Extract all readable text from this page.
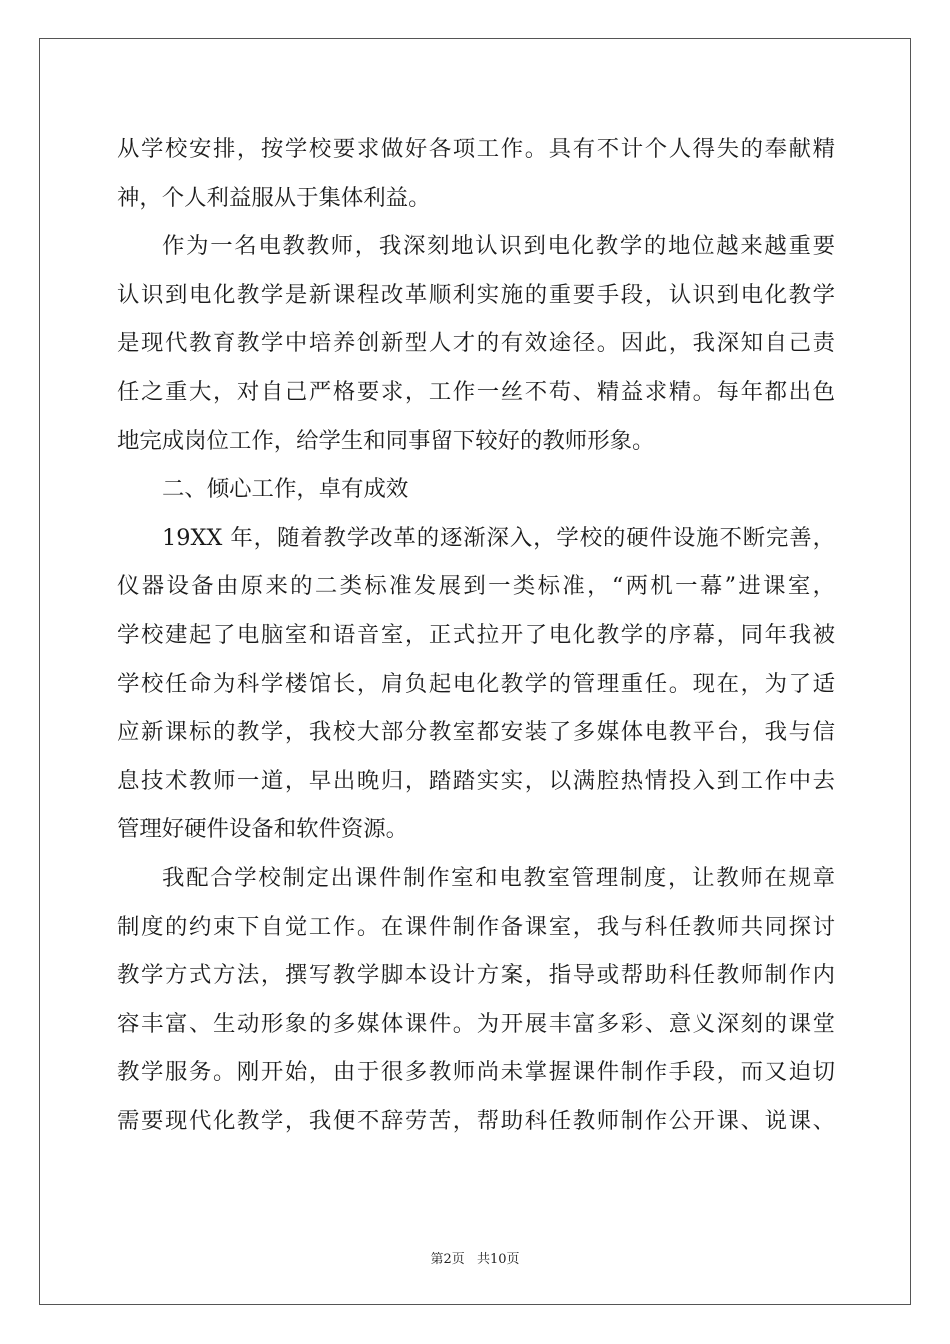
从学校安排，按学校要求做好各项工作。具有不计个人得失的奉献精
神，个人利益服从于集体利益。
作为一名电教教师，我深刻地认识到电化教学的地位越来越重要
认识到电化教学是新课程改革顺利实施的重要手段，认识到电化教学
是现代教育教学中培养创新型人才的有效途径。因此，我深知自己责
任之重大，对自己严格要求，工作一丝不苟、精益求精。每年都出色
地完成岗位工作，给学生和同事留下较好的教师形象。
二、倾心工作，卓有成效
19XX 年，随着教学改革的逐渐深入，学校的硬件设施不断完善，
仪器设备由原来的二类标准发展到一类标准，“两机一幕”进课室，
学校建起了电脑室和语音室，正式拉开了电化教学的序幕，同年我被
学校任命为科学楼馆长，肩负起电化教学的管理重任。现在，为了适
应新课标的教学，我校大部分教室都安装了多媒体电教平台，我与信
息技术教师一道，早出晚归，踏踏实实，以满腔热情投入到工作中去
管理好硬件设备和软件资源。
我配合学校制定出课件制作室和电教室管理制度，让教师在规章
制度的约束下自觉工作。在课件制作备课室，我与科任教师共同探讨
教学方式方法，撰写教学脚本设计方案，指导或帮助科任教师制作内
容丰富、生动形象的多媒体课件。为开展丰富多彩、意义深刻的课堂
教学服务。刚开始，由于很多教师尚未掌握课件制作手段，而又迫切
需要现代化教学，我便不辞劳苦，帮助科任教师制作公开课、说课、
第2页 共10页
